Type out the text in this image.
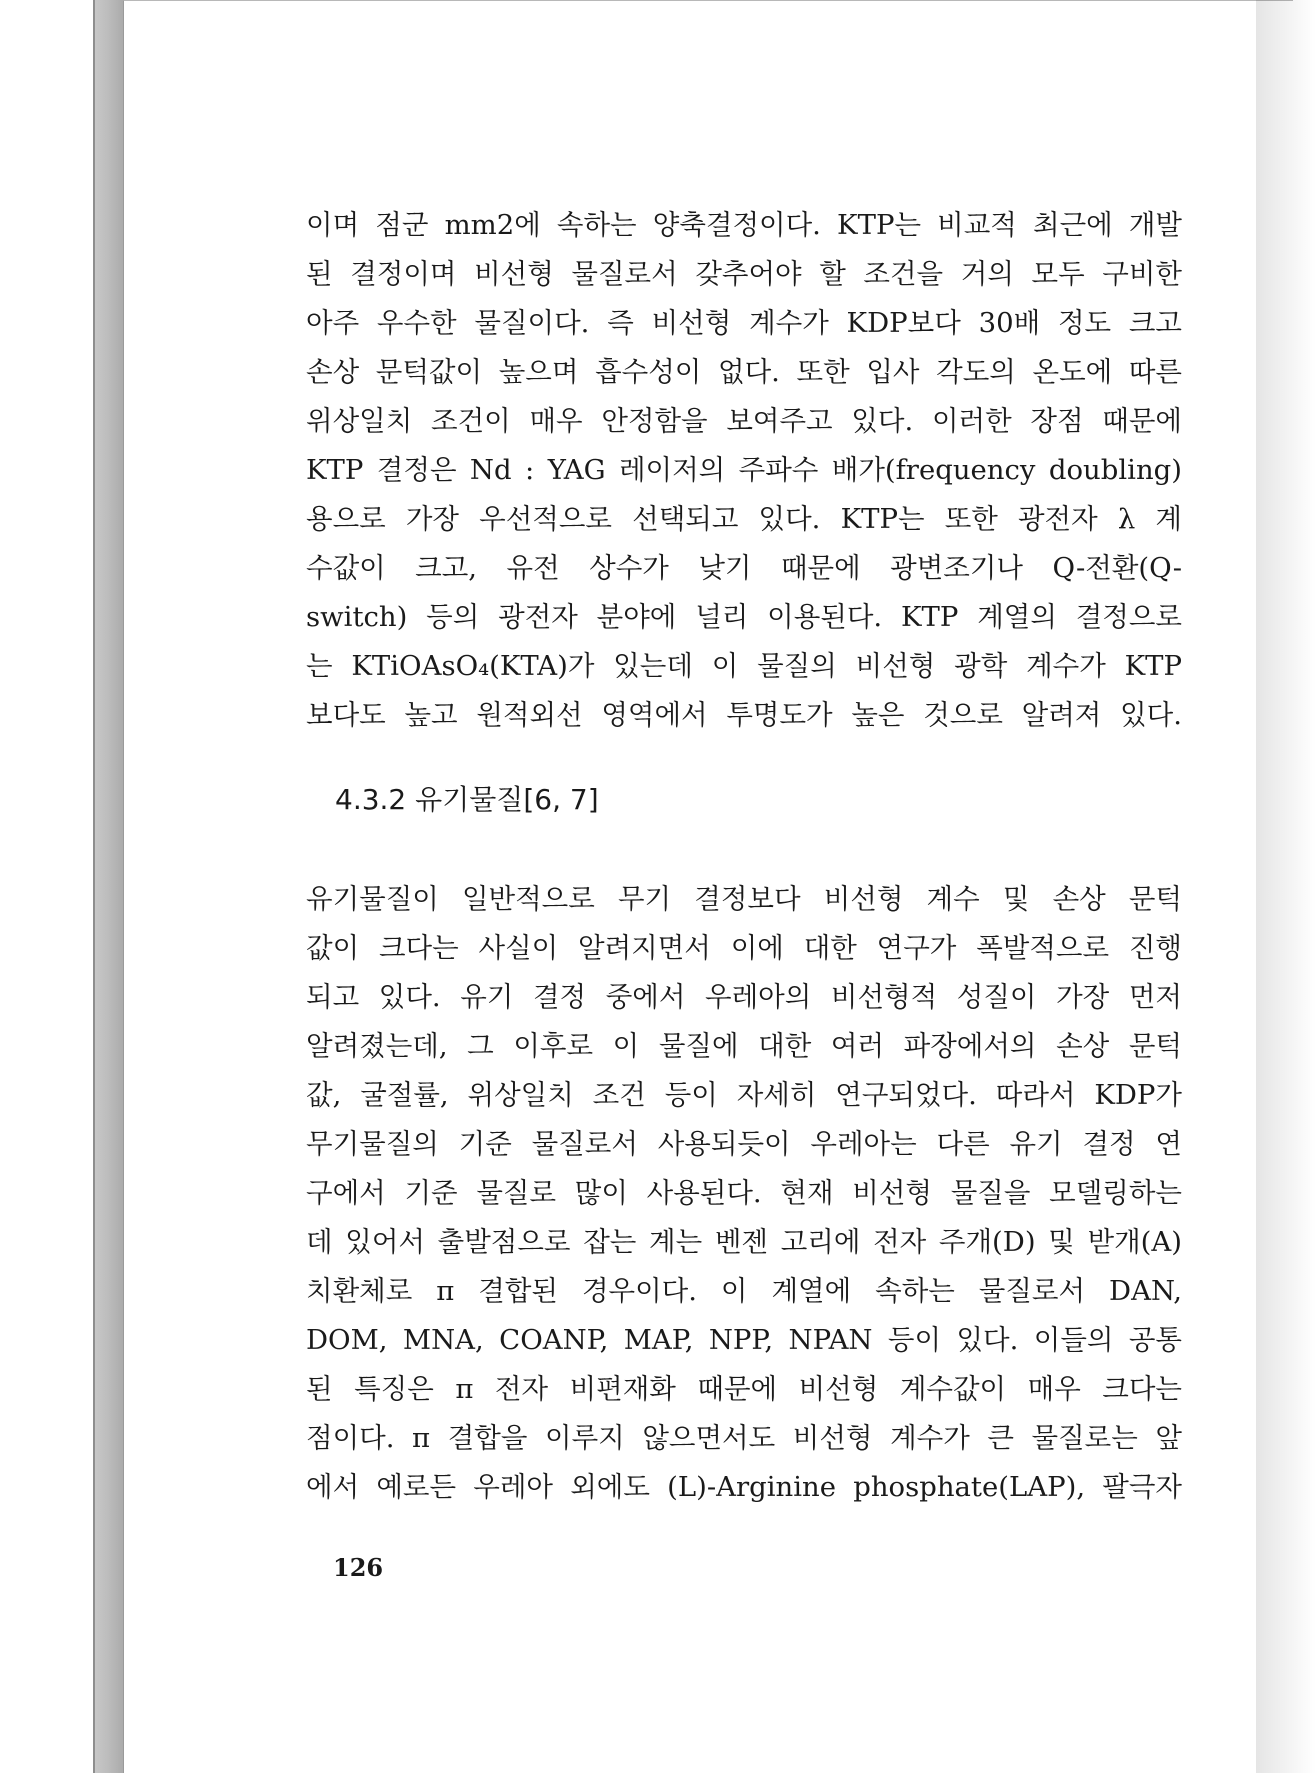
이며 점군 mm2에 속하는 양축결정이다. KTP는 비교적 최근에 개발
된 결정이며 비선형 물질로서 갖추어야 할 조건을 거의 모두 구비한
아주 우수한 물질이다. 즉 비선형 계수가 KDP보다 30배 정도 크고
손상 문턱값이 높으며 흡수성이 없다. 또한 입사 각도의 온도에 따른
위상일치 조건이 매우 안정함을 보여주고 있다. 이러한 장점 때문에
KTP 결정은 Nd : YAG 레이저의 주파수 배가(frequency doubling)
용으로 가장 우선적으로 선택되고 있다. KTP는 또한 광전자 λ 계
수값이 크고, 유전 상수가 낮기 때문에 광변조기나 Q-전환(Q-
switch) 등의 광전자 분야에 널리 이용된다. KTP 계열의 결정으로
는 KTiOAsO₄(KTA)가 있는데 이 물질의 비선형 광학 계수가 KTP
보다도 높고 원적외선 영역에서 투명도가 높은 것으로 알려져 있다.
4.3.2 유기물질[6, 7]
유기물질이 일반적으로 무기 결정보다 비선형 계수 및 손상 문턱
값이 크다는 사실이 알려지면서 이에 대한 연구가 폭발적으로 진행
되고 있다. 유기 결정 중에서 우레아의 비선형적 성질이 가장 먼저
알려졌는데, 그 이후로 이 물질에 대한 여러 파장에서의 손상 문턱
값, 굴절률, 위상일치 조건 등이 자세히 연구되었다. 따라서 KDP가
무기물질의 기준 물질로서 사용되듯이 우레아는 다른 유기 결정 연
구에서 기준 물질로 많이 사용된다. 현재 비선형 물질을 모델링하는
데 있어서 출발점으로 잡는 계는 벤젠 고리에 전자 주개(D) 및 받개(A)
치환체로 π 결합된 경우이다. 이 계열에 속하는 물질로서 DAN,
DOM, MNA, COANP, MAP, NPP, NPAN 등이 있다. 이들의 공통
된 특징은 π 전자 비편재화 때문에 비선형 계수값이 매우 크다는
점이다. π 결합을 이루지 않으면서도 비선형 계수가 큰 물질로는 앞
에서 예로든 우레아 외에도 (L)-Arginine phosphate(LAP), 팔극자
126
